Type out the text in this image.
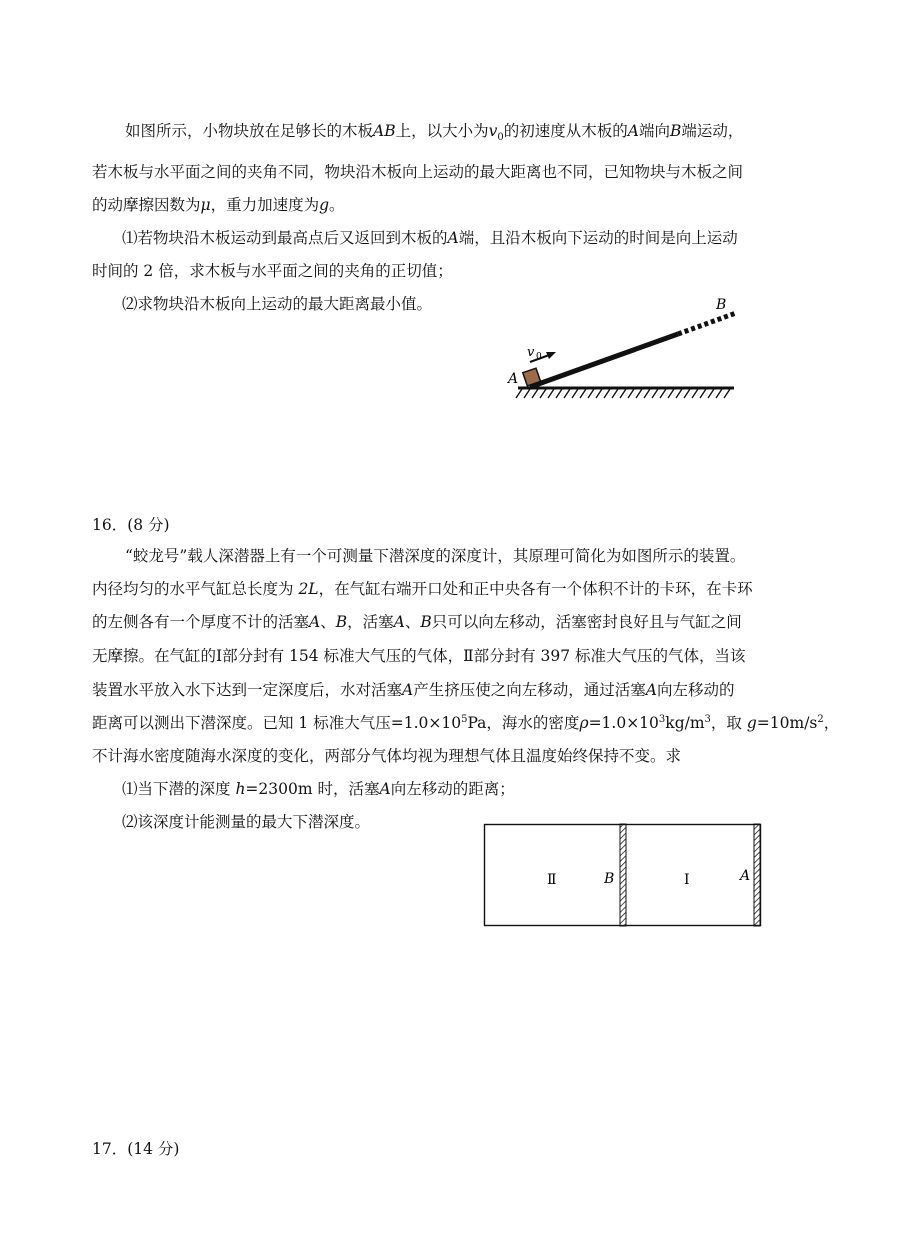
如图所示，小物块放在足够长的木板AB上，以大小为$v_0$的初速度从木板的A端向B端运动，
若木板与水平面之间的夹角不同，物块沿木板向上运动的最大距离也不同，已知物块与木板之间
的动摩擦因数为μ，重力加速度为g。
⑴若物块沿木板运动到最高点后又返回到木板的A端，且沿木板向下运动的时间是向上运动
时间的 2 倍，求木板与水平面之间的夹角的正切值；
⑵求物块沿木板向上运动的最大距离最小值。
v 0
A
B
16．(8 分)
“蛟龙号”载人深潜器上有一个可测量下潜深度的深度计，其原理可简化为如图所示的装置。
内径均匀的水平气缸总长度为 2L，在气缸右端开口处和正中央各有一个体积不计的卡环，在卡环
的左侧各有一个厚度不计的活塞A、B，活塞A、B只可以向左移动，活塞密封良好且与气缸之间
无摩擦。在气缸的Ⅰ部分封有 154 标准大气压的气体，Ⅱ部分封有 397 标准大气压的气体，当该
装置水平放入水下达到一定深度后，水对活塞A产生挤压使之向左移动，通过活塞A向左移动的
距离可以测出下潜深度。已知 1 标准大气压$=1.0\times 10^5Pa$，海水的密度$\rho=1.0\times 10^3kg/m^3$，取 $g=10m/s^2$，
不计海水密度随海水深度的变化，两部分气体均视为理想气体且温度始终保持不变。求
⑴当下潜的深度 h=2300m 时，活塞A向左移动的距离；
⑵该深度计能测量的最大下潜深度。
Ⅱ	B	Ⅰ	A
17．(14 分)
